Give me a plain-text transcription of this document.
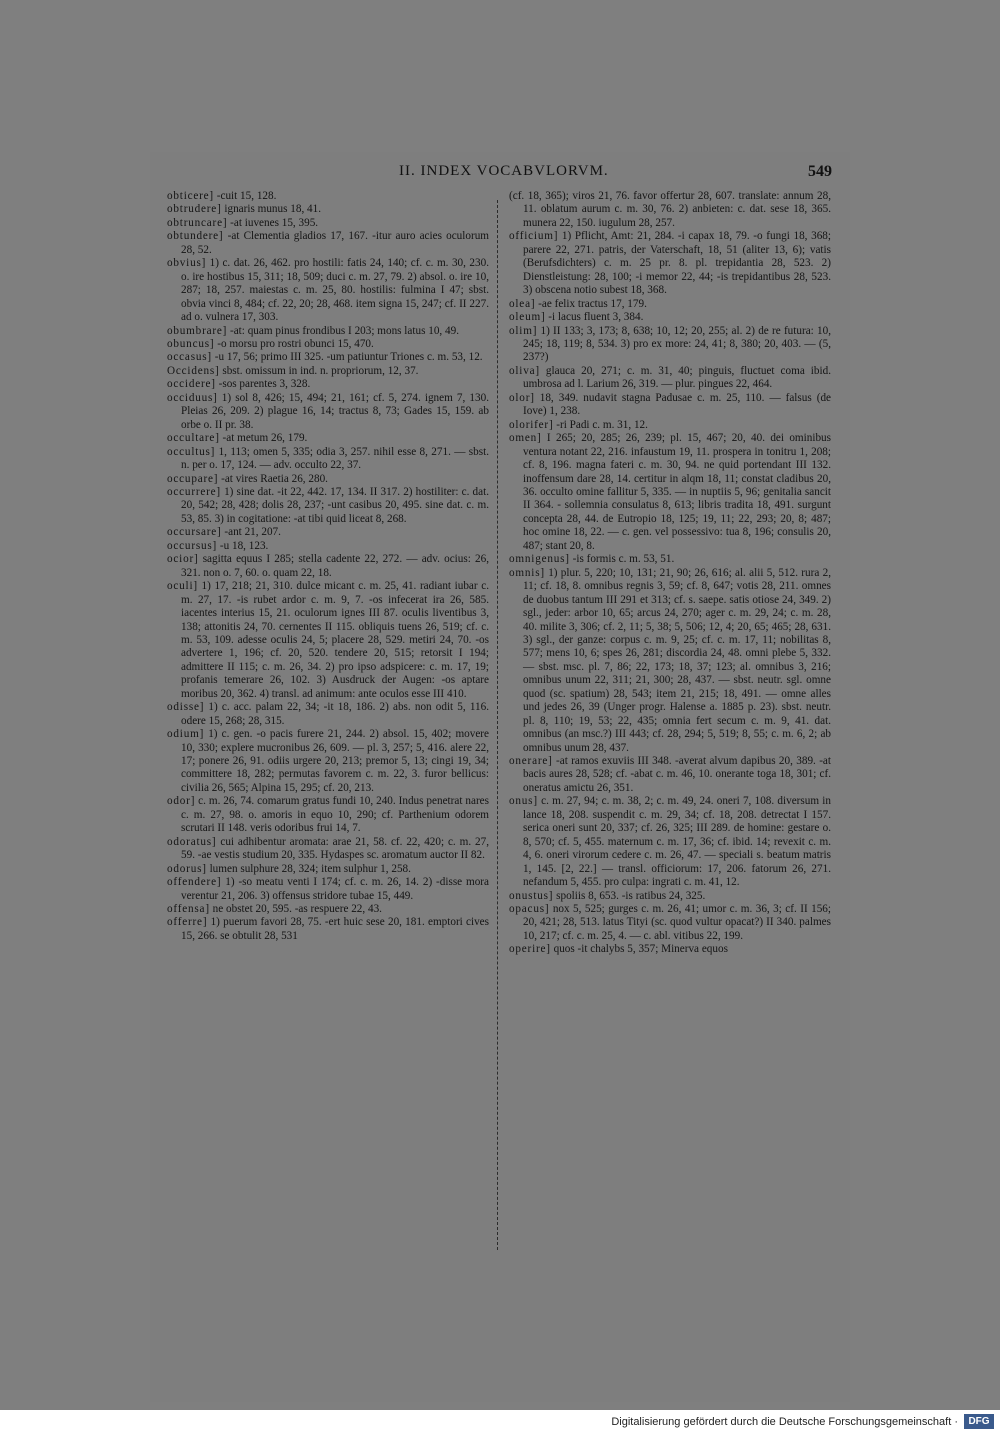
II. INDEX VOCABVLORVM.	549

obticere] -cuit 15, 128.

obtrudere] ignaris munus 18, 41.

obtruncare] -at iuvenes 15, 395.

obtundere] -at Clementia gladios 17, 167. -itur auro acies oculorum 28, 52.

obvius] 1) c. dat. 26, 462. pro hostili: fatis 24, 140; cf. c. m. 30, 230. o. ire hostibus 15, 311; 18, 509; duci c. m. 27, 79. 2) absol. o. ire 10, 287; 18, 257. maiestas c. m. 25, 80. hostilis: fulmina I 47; sbst. obvia vinci 8, 484; cf. 22, 20; 28, 468. item signa 15, 247; cf. II 227. ad o. vulnera 17, 303.

obumbrare] -at: quam pinus frondibus I 203; mons latus 10, 49.

obuncus] -o morsu pro rostri obunci 15, 470.

occasus] -u 17, 56; primo III 325. -um patiuntur Triones c. m. 53, 12.

Occidens] sbst. omissum in ind. n. propriorum, 12, 37.

occidere] -sos parentes 3, 328.

occiduus] 1) sol 8, 426; 15, 494; 21, 161; cf. 5, 274. ignem 7, 130. Pleias 26, 209. 2) plague 16, 14; tractus 8, 73; Gades 15, 159. ab orbe o. II pr. 38.

occultare] -at metum 26, 179.

occultus] 1, 113; omen 5, 335; odia 3, 257. nihil esse 8, 271. — sbst. n. per o. 17, 124. — adv. occulto 22, 37.

occupare] -at vires Raetia 26, 280.

occurrere] 1) sine dat. -it 22, 442. 17, 134. II 317. 2) hostiliter: c. dat. 20, 542; 28, 428; dolis 28, 237; -unt casibus 20, 495. sine dat. c. m. 53, 85. 3) in cogitatione: -at tibi quid liceat 8, 268.

occursare] -ant 21, 207.

occursus] -u 18, 123.

ocior] sagitta equus I 285; stella cadente 22, 272. — adv. ocius: 26, 321. non o. 7, 60. o. quam 22, 18.

oculi] 1) 17, 218; 21, 310. dulce micant c. m. 25, 41. radiant iubar c. m. 27, 17. -is rubet ardor c. m. 9, 7. -os infecerat ira 26, 585. iacentes interius 15, 21. oculorum ignes III 87. oculis liventibus 3, 138; attonitis 24, 70. cernentes II 115. obliquis tuens 26, 519; cf. c. m. 53, 109. adesse oculis 24, 5; placere 28, 529. metiri 24, 70. -os advertere 1, 196; cf. 20, 520. tendere 20, 515; retorsit I 194; admittere II 115; c. m. 26, 34. 2) pro ipso adspicere: c. m. 17, 19; profanis temerare 26, 102. 3) Ausdruck der Augen: -os aptare moribus 20, 362. 4) transl. ad animum: ante oculos esse III 410.

odisse] 1) c. acc. palam 22, 34; -it 18, 186. 2) abs. non odit 5, 116. odere 15, 268; 28, 315.

odium] 1) c. gen. -o pacis furere 21, 244. 2) absol. 15, 402; movere 10, 330; explere mucronibus 26, 609. — pl. 3, 257; 5, 416. alere 22, 17; ponere 26, 91. odiis urgere 20, 213; premor 5, 13; cingi 19, 34; committere 18, 282; permutas favorem c. m. 22, 3. furor bellicus: civilia 26, 565; Alpina 15, 295; cf. 20, 213.

odor] c. m. 26, 74. comarum gratus fundi 10, 240. Indus penetrat nares c. m. 27, 98. o. amoris in equo 10, 290; cf. Parthenium odorem scrutari II 148. veris odoribus frui 14, 7.

odoratus] cui adhibentur aromata: arae 21, 58. cf. 22, 420; c. m. 27, 59. -ae vestis studium 20, 335. Hydaspes sc. aromatum auctor II 82.

odorus] lumen sulphure 28, 324; item sulphur 1, 258.

offendere] 1) -so meatu venti I 174; cf. c. m. 26, 14. 2) -disse mora verentur 21, 206. 3) offensus stridore tubae 15, 449.

offensa] ne obstet 20, 595. -as respuere 22, 43.

offerre] 1) puerum favori 28, 75. -ert huic sese 20, 181. emptori cives 15, 266. se obtulit 28, 531

(cf. 18, 365); viros 21, 76. favor offertur 28, 607. translate: annum 28, 11. oblatum aurum c. m. 30, 76. 2) anbieten: c. dat. sese 18, 365. munera 22, 150. iugulum 28, 257.

officium] 1) Pflicht, Amt: 21, 284. -i capax 18, 79. -o fungi 18, 368; parere 22, 271. patris, der Vaterschaft, 18, 51 (aliter 13, 6); vatis (Berufsdichters) c. m. 25 pr. 8. pl. trepidantia 28, 523. 2) Dienstleistung: 28, 100; -i memor 22, 44; -is trepidantibus 28, 523. 3) obscena notio subest 18, 368.

olea] -ae felix tractus 17, 179.

oleum] -i lacus fluent 3, 384.

olim] 1) II 133; 3, 173; 8, 638; 10, 12; 20, 255; al. 2) de re futura: 10, 245; 18, 119; 8, 534. 3) pro ex more: 24, 41; 8, 380; 20, 403. — (5, 237?)

oliva] glauca 20, 271; c. m. 31, 40; pinguis, fluctuet coma ibid. umbrosa ad l. Larium 26, 319. — plur. pingues 22, 464.

olor] 18, 349. nudavit stagna Padusae c. m. 25, 110. — falsus (de Iove) 1, 238.

olorifer] -ri Padi c. m. 31, 12.

omen] I 265; 20, 285; 26, 239; pl. 15, 467; 20, 40. dei ominibus ventura notant 22, 216. infaustum 19, 11. prospera in tonitru 1, 208; cf. 8, 196. magna fateri c. m. 30, 94. ne quid portendant III 132. inoffensum dare 28, 14. certitur in alqm 18, 11; constat cladibus 20, 36. occulto omine fallitur 5, 335. — in nuptiis 5, 96; genitalia sancit II 364. - sollemnia consulatus 8, 613; libris tradita 18, 491. surgunt concepta 28, 44. de Eutropio 18, 125; 19, 11; 22, 293; 20, 8; 487; hoc omine 18, 22. — c. gen. vel possessivo: tua 8, 196; consulis 20, 487; stant 20, 8.

omnigenus] -is formis c. m. 53, 51.

omnis] 1) plur. 5, 220; 10, 131; 21, 90; 26, 616; al. alii 5, 512. rura 2, 11; cf. 18, 8. omnibus regnis 3, 59; cf. 8, 647; votis 28, 211. omnes de duobus tantum III 291 et 313; cf. s. saepe. satis otiose 24, 349. 2) sgl., jeder: arbor 10, 65; arcus 24, 270; ager c. m. 29, 24; c. m. 28, 40. milite 3, 306; cf. 2, 11; 5, 38; 5, 506; 12, 4; 20, 65; 465; 28, 631. 3) sgl., der ganze: corpus c. m. 9, 25; cf. c. m. 17, 11; nobilitas 8, 577; mens 10, 6; spes 26, 281; discordia 24, 48. omni plebe 5, 332. — sbst. msc. pl. 7, 86; 22, 173; 18, 37; 123; al. omnibus 3, 216; omnibus unum 22, 311; 21, 300; 28, 437. — sbst. neutr. sgl. omne quod (sc. spatium) 28, 543; item 21, 215; 18, 491. — omne alles und jedes 26, 39 (Unger progr. Halense a. 1885 p. 23). sbst. neutr. pl. 8, 110; 19, 53; 22, 435; omnia fert secum c. m. 9, 41. dat. omnibus (an msc.?) III 443; cf. 28, 294; 5, 519; 8, 55; c. m. 6, 2; ab omnibus unum 28, 437.

onerare] -at ramos exuviis III 348. -averat alvum dapibus 20, 389. -at bacis aures 28, 528; cf. -abat c. m. 46, 10. onerante toga 18, 301; cf. oneratus amictu 26, 351.

onus] c. m. 27, 94; c. m. 38, 2; c. m. 49, 24. oneri 7, 108. diversum in lance 18, 208. suspendit c. m. 29, 34; cf. 18, 208. detrectat I 157. serica oneri sunt 20, 337; cf. 26, 325; III 289. de homine: gestare o. 8, 570; cf. 5, 455. maternum c. m. 17, 36; cf. ibid. 14; revexit c. m. 4, 6. oneri virorum cedere c. m. 26, 47. — speciali s. beatum matris 1, 145. [2, 22.] — transl. officiorum: 17, 206. fatorum 26, 271. nefandum 5, 455. pro culpa: ingrati c. m. 41, 12.

onustus] spoliis 8, 653. -is ratibus 24, 325.

opacus] nox 5, 525; gurges c. m. 26, 41; umor c. m. 36, 3; cf. II 156; 20, 421; 28, 513. latus Tityi (sc. quod vultur opacat?) II 340. palmes 10, 217; cf. c. m. 25, 4. — c. abl. vitibus 22, 199.

operire] quos -it chalybs 5, 357; Minerva equos

Digitalisierung gefördert durch die Deutsche Forschungsgemeinschaft ·	DFG
